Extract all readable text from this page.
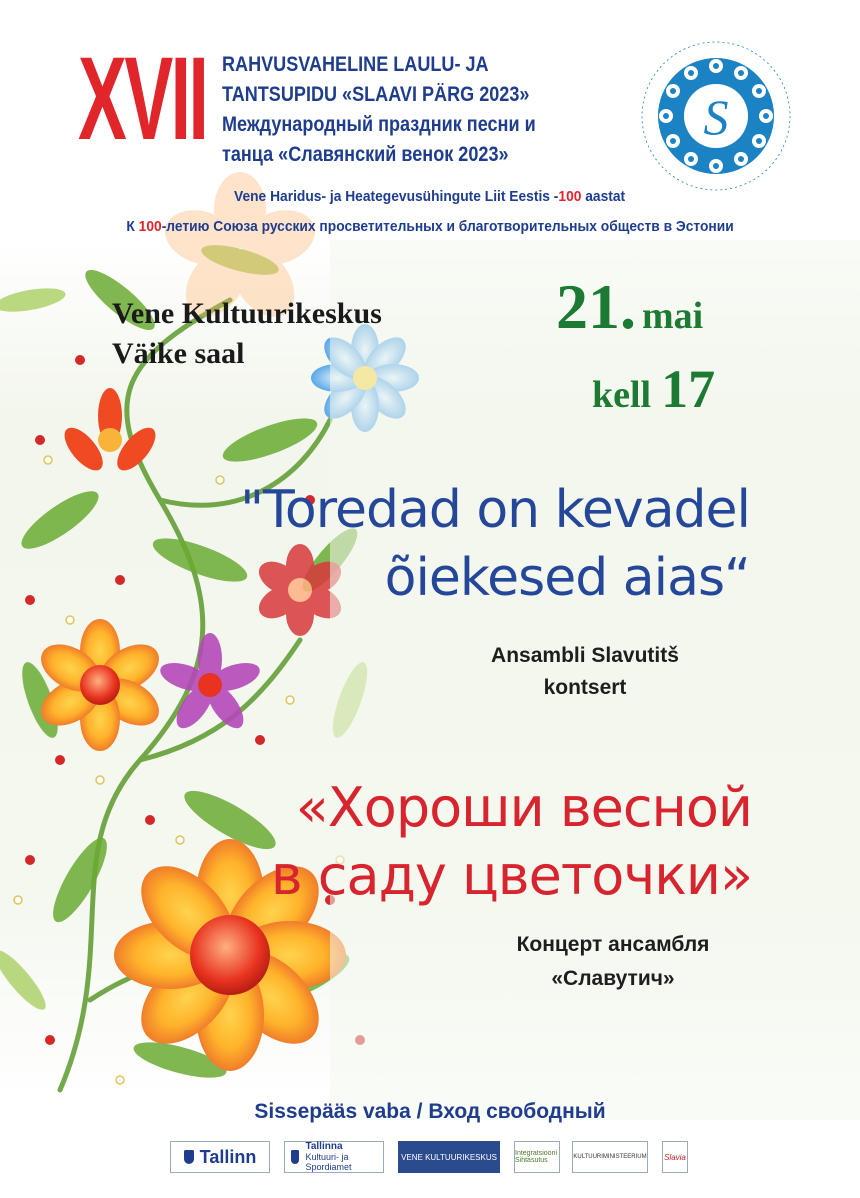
XVII RAHVUSVAHELINE LAULU- JA
TANTSUPIDU «SLAAVI PÄRG 2023»
Международный праздник песни и
танца «Славянский венок 2023»
S
Vene Haridus- ja Heategevusühingute Liit Eestis -100 aastat
К 100-летию Союза русских просветительных и благотворительных обществ в Эстонии
Vene Kultuurikeskus
Väike saal
21. mai
kell 17
"Toredad on kevadel
õiekesed aias“
Ansambli Slavutitš
kontsert
«Хороши весной
в саду цветочки»
Концерт ансамбля
«Славутич»
Sissepääs vaba / Вход свободный
Tallinn	Tallinna
Kultuuri- ja Spordiamet
VENE KULTUURIKESKUS	Integratsiooni Sihtasutus	KULTUURIMINISTEERIUM Slavia
